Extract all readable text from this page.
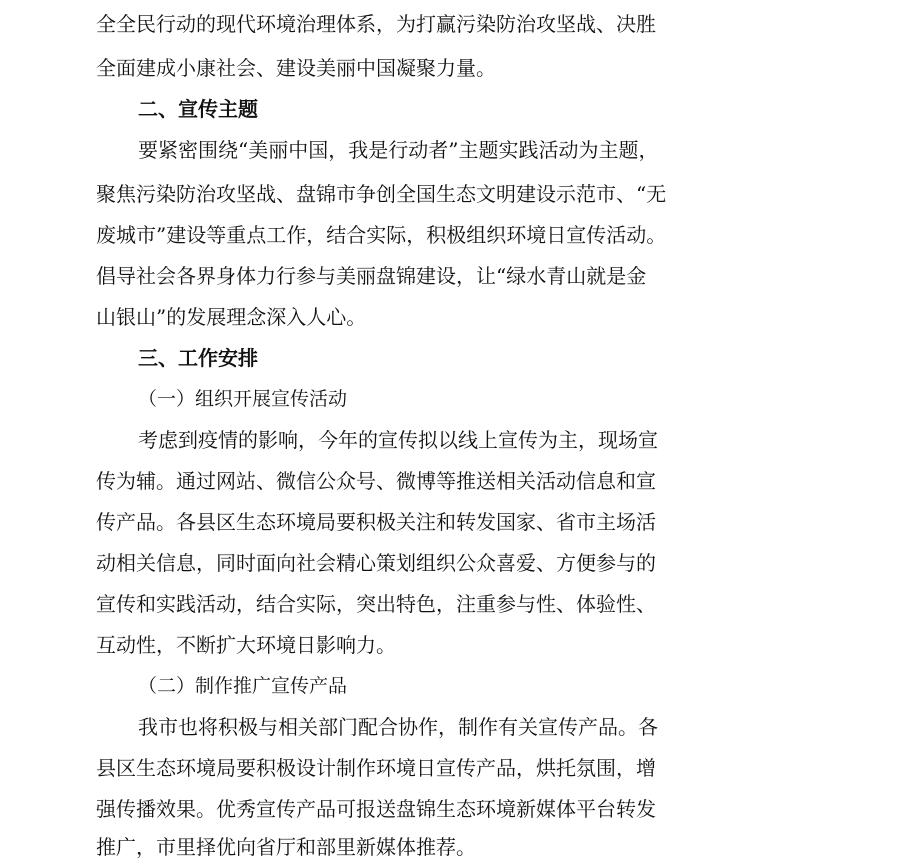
全全民行动的现代环境治理体系，为打赢污染防治攻坚战、决胜
全面建成小康社会、建设美丽中国凝聚力量。
二、宣传主题
要紧密围绕“美丽中国，我是行动者”主题实践活动为主题，
聚焦污染防治攻坚战、盘锦市争创全国生态文明建设示范市、“无
废城市”建设等重点工作，结合实际，积极组织环境日宣传活动。
倡导社会各界身体力行参与美丽盘锦建设，让“绿水青山就是金
山银山”的发展理念深入人心。
三、工作安排
（一）组织开展宣传活动
考虑到疫情的影响，今年的宣传拟以线上宣传为主，现场宣
传为辅。通过网站、微信公众号、微博等推送相关活动信息和宣
传产品。各县区生态环境局要积极关注和转发国家、省市主场活
动相关信息，同时面向社会精心策划组织公众喜爱、方便参与的
宣传和实践活动，结合实际，突出特色，注重参与性、体验性、
互动性，不断扩大环境日影响力。
（二）制作推广宣传产品
我市也将积极与相关部门配合协作，制作有关宣传产品。各
县区生态环境局要积极设计制作环境日宣传产品，烘托氛围，增
强传播效果。优秀宣传产品可报送盘锦生态环境新媒体平台转发
推广，市里择优向省厅和部里新媒体推荐。
